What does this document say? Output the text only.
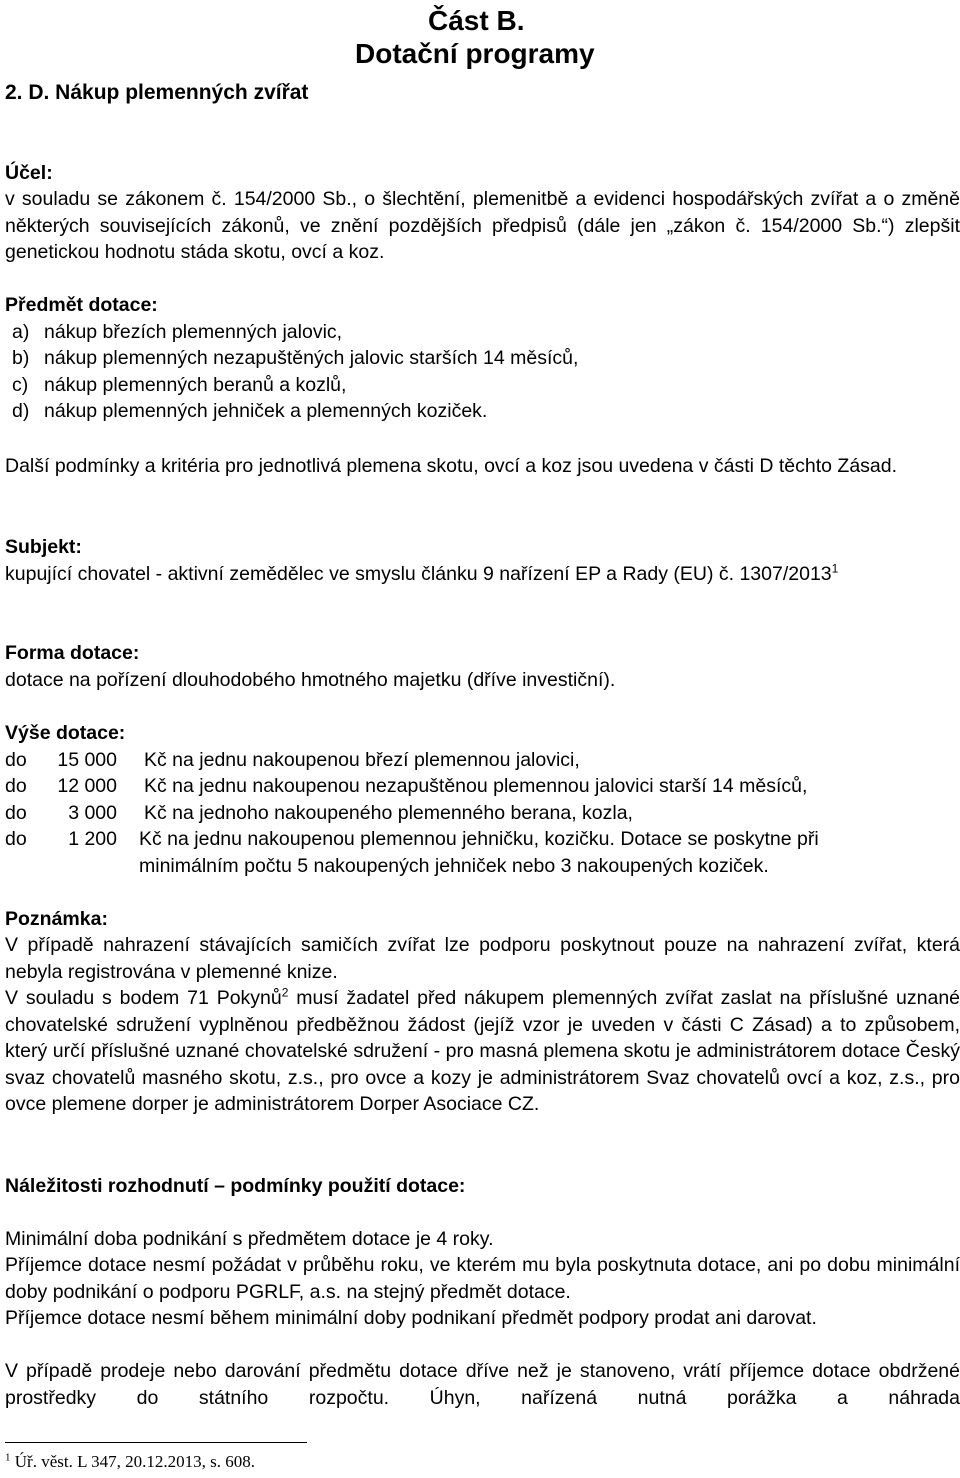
Část B.
Dotační programy
2. D. Nákup plemenných zvířat
Účel:
v souladu se zákonem č. 154/2000 Sb., o šlechtění, plemenitbě a evidenci hospodářských zvířat a o změně některých souvisejících zákonů, ve znění pozdějších předpisů (dále jen „zákon č. 154/2000 Sb.“) zlepšit genetickou hodnotu stáda skotu, ovcí a koz.
Předmět dotace:
a) nákup březích plemenných jalovic,
b) nákup plemenných nezapuštěných jalovic starších 14 měsíců,
c) nákup plemenných beranů a kozlů,
d) nákup plemenných jehniček a plemenných koziček.
Další podmínky a kritéria pro jednotlivá plemena skotu, ovcí a koz jsou uvedena v části D těchto Zásad.
Subjekt:
kupující chovatel - aktivní zemědělec ve smyslu článku 9 nařízení EP a Rady (EU) č. 1307/2013$^1$
Forma dotace:
dotace na pořízení dlouhodobého hmotného majetku (dříve investiční).
Výše dotace:
do	15 000 Kč na jednu nakoupenou březí plemennou jalovici,
do	12 000 Kč na jednu nakoupenou nezapuštěnou plemennou jalovici starší 14 měsíců,
do	3 000 Kč na jednoho nakoupeného plemenného berana, kozla,
do	1 200 Kč na jednu nakoupenou plemennou jehničku, kozičku. Dotace se poskytne při
minimálním počtu 5 nakoupených jehniček nebo 3 nakoupených koziček.
Poznámka:
V případě nahrazení stávajících samičích zvířat lze podporu poskytnout pouze na nahrazení zvířat, která nebyla registrována v plemenné knize.
V souladu s bodem 71 Pokynů$^2$ musí žadatel před nákupem plemenných zvířat zaslat na příslušné uznané chovatelské sdružení vyplněnou předběžnou žádost (jejíž vzor je uveden v části C Zásad) a to způsobem, který určí příslušné uznané chovatelské sdružení - pro masná plemena skotu je administrátorem dotace Český svaz chovatelů masného skotu, z.s., pro ovce a kozy je administrátorem Svaz chovatelů ovcí a koz, z.s., pro ovce plemene dorper je administrátorem Dorper Asociace CZ.
Náležitosti rozhodnutí – podmínky použití dotace:
Minimální doba podnikání s předmětem dotace je 4 roky.
Příjemce dotace nesmí požádat v průběhu roku, ve kterém mu byla poskytnuta dotace, ani po dobu minimální doby podnikání o podporu PGRLF, a.s. na stejný předmět dotace.
Příjemce dotace nesmí během minimální doby podnikaní předmět podpory prodat ani darovat.
V případě prodeje nebo darování předmětu dotace dříve než je stanoveno, vrátí příjemce dotace obdržené prostředky do státního rozpočtu. Úhyn, nařízená nutná porážka a náhrada
$^1$ Úř. věst. L 347, 20.12.2013, s. 608.
